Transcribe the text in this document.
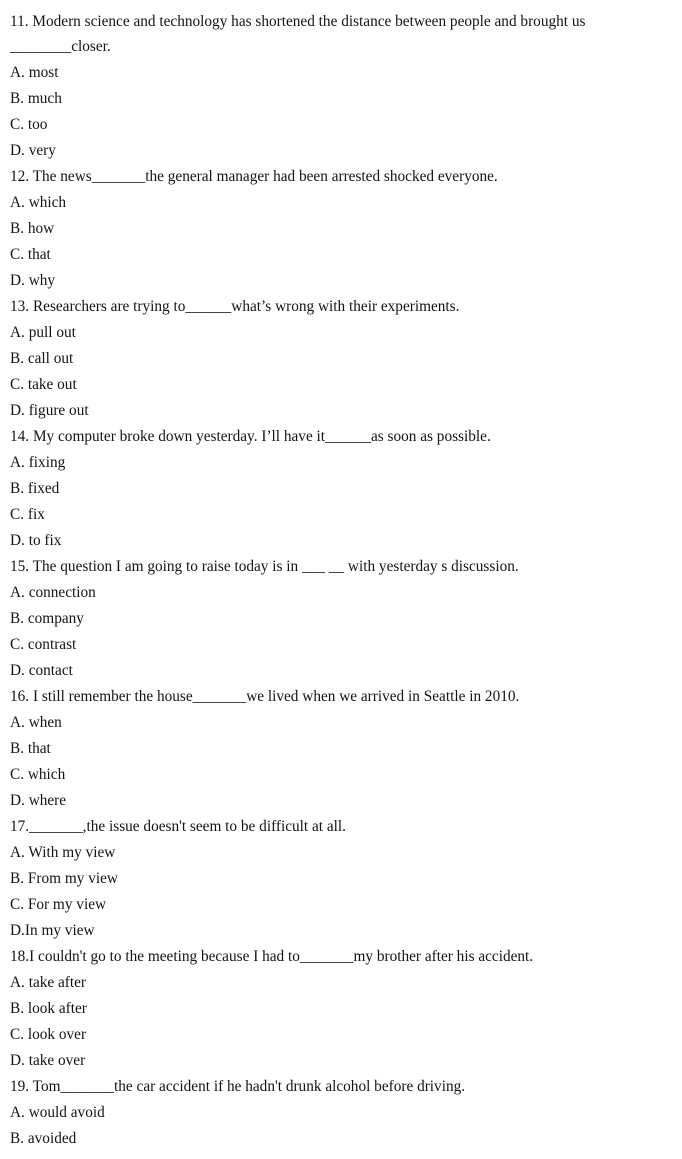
11. Modern science and technology has shortened the distance between people and brought us
________closer.
A. most
B. much
C. too
D. very
12. The news_______the general manager had been arrested shocked everyone.
A. which
B. how
C. that
D. why
13. Researchers are trying to______what’s wrong with their experiments.
A. pull out
B. call out
C. take out
D. figure out
14. My computer broke down yesterday. I’ll have it______as soon as possible.
A. fixing
B. fixed
C. fix
D. to fix
15. The question I am going to raise today is in ___ __ with yesterday s discussion.
A. connection
B. company
C. contrast
D. contact
16. I still remember the house_______we lived when we arrived in Seattle in 2010.
A. when
B. that
C. which
D. where
17._______,the issue doesn't seem to be difficult at all.
A. With my view
B. From my view
C. For my view
D.In my view
18.I couldn't go to the meeting because I had to_______my brother after his accident.
A. take after
B. look after
C. look over
D. take over
19. Tom_______the car accident if he hadn't drunk alcohol before driving.
A. would avoid
B. avoided
